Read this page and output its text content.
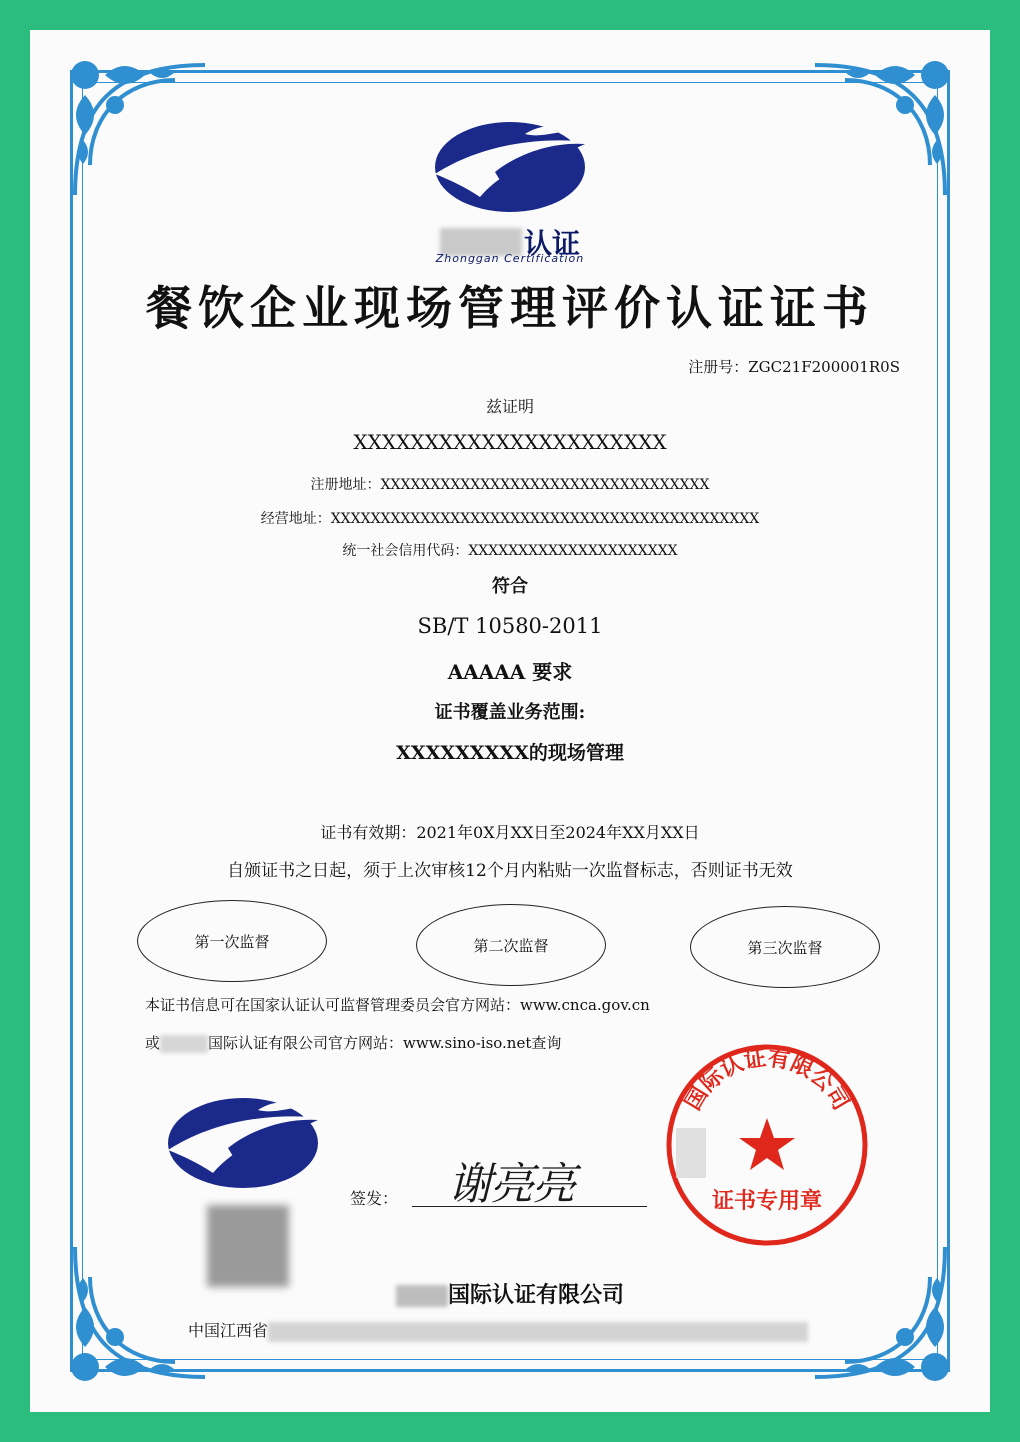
认证
Zhonggan Certification
餐饮企业现场管理评价认证证书
注册号：ZGC21F200001R0S
兹证明
XXXXXXXXXXXXXXXXXXXXXX
注册地址：XXXXXXXXXXXXXXXXXXXXXXXXXXXXXXXXX
经营地址：XXXXXXXXXXXXXXXXXXXXXXXXXXXXXXXXXXXXXXXXXXX
统一社会信用代码：XXXXXXXXXXXXXXXXXXXXX
符合
SB/T 10580-2011
AAAAA 要求
证书覆盖业务范围:
XXXXXXXXX的现场管理
证书有效期：2021年0X月XX日至2024年XX月XX日
自颁证书之日起，须于上次审核12个月内粘贴一次监督标志，否则证书无效
第一次监督	第二次监督	第三次监督
本证书信息可在国家认证认可监督管理委员会官方网站：www.cnca.gov.cn
或	国际认证有限公司官方网站：www.sino-iso.net查询
签发： 谢亮亮
国际认证有限公司
证书专用章
国际认证有限公司
中国江西省
